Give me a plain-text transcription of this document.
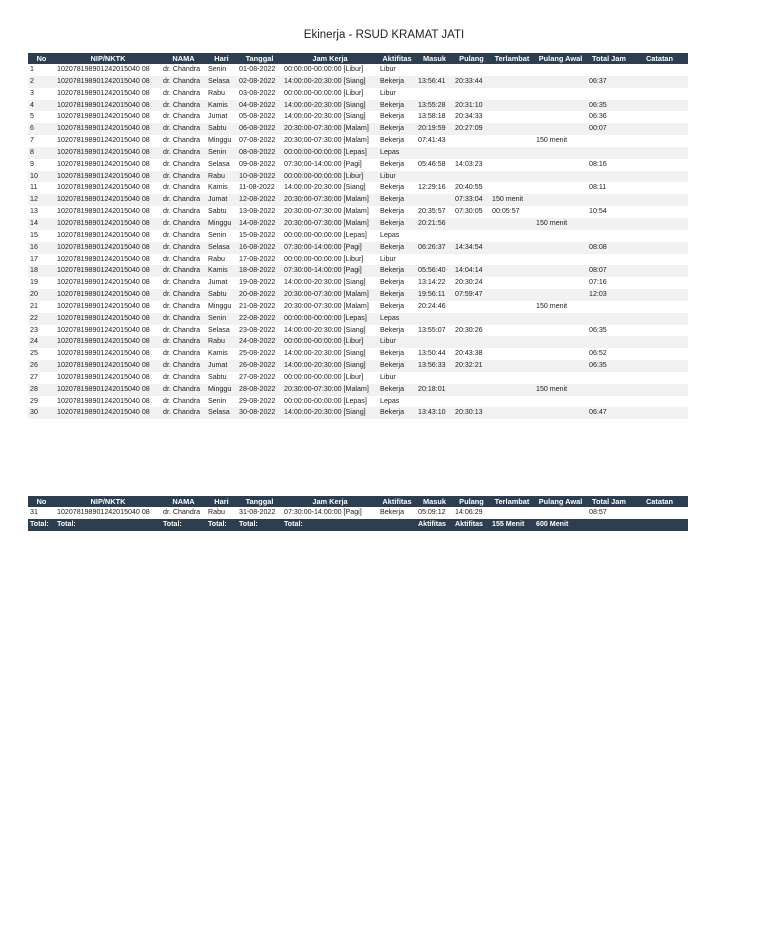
Ekinerja - RSUD KRAMAT JATI
No	NIP/NKTK	NAMA	Hari	Tanggal	Jam Kerja	Aktifitas	Masuk	Pulang	Terlambat	Pulang Awal	Total Jam	Catatan
1	102078198901242015040 08	dr. Chandra	Senin	01-08-2022	00:00:00-00:00:00 [Libur]	Libur						
2	102078198901242015040 08	dr. Chandra	Selasa	02-08-2022	14:00:00-20:30:00 [Siang]	Bekerja	13:56:41	20:33:44			06:37	
3	102078198901242015040 08	dr. Chandra	Rabu	03-08-2022	00:00:00-00:00:00 [Libur]	Libur						
4	102078198901242015040 08	dr. Chandra	Kamis	04-08-2022	14:00:00-20:30:00 [Siang]	Bekerja	13:55:28	20:31:10			06:35	
5	102078198901242015040 08	dr. Chandra	Jumat	05-08-2022	14:00:00-20:30:00 [Siang]	Bekerja	13:58:18	20:34:33			06:36	
6	102078198901242015040 08	dr. Chandra	Sabtu	06-08-2022	20:30:00-07:30:00 [Malam]	Bekerja	20:19:59	20:27:09			00:07	
7	102078198901242015040 08	dr. Chandra	Minggu	07-08-2022	20:30:00-07:30:00 [Malam]	Bekerja	07:41:43			150 menit		
8	102078198901242015040 08	dr. Chandra	Senin	08-08-2022	00:00:00-00:00:00 [Lepas]	Lepas						
9	102078198901242015040 08	dr. Chandra	Selasa	09-08-2022	07:30:00-14:00:00 [Pagi]	Bekerja	05:46:58	14:03:23			08:16	
10	102078198901242015040 08	dr. Chandra	Rabu	10-08-2022	00:00:00-00:00:00 [Libur]	Libur						
11	102078198901242015040 08	dr. Chandra	Kamis	11-08-2022	14:00:00-20:30:00 [Siang]	Bekerja	12:29:16	20:40:55			08:11	
12	102078198901242015040 08	dr. Chandra	Jumat	12-08-2022	20:30:00-07:30:00 [Malam]	Bekerja		07:33:04	150 menit			
13	102078198901242015040 08	dr. Chandra	Sabtu	13-08-2022	20:30:00-07:30:00 [Malam]	Bekerja	20:35:57	07:30:05	00:05:57		10:54	
14	102078198901242015040 08	dr. Chandra	Minggu	14-08-2022	20:30:00-07:30:00 [Malam]	Bekerja	20:21:56			150 menit		
15	102078198901242015040 08	dr. Chandra	Senin	15-08-2022	00:00:00-00:00:00 [Lepas]	Lepas						
16	102078198901242015040 08	dr. Chandra	Selasa	16-08-2022	07:30:00-14:00:00 [Pagi]	Bekerja	06:26:37	14:34:54			08:08	
17	102078198901242015040 08	dr. Chandra	Rabu	17-08-2022	00:00:00-00:00:00 [Libur]	Libur						
18	102078198901242015040 08	dr. Chandra	Kamis	18-08-2022	07:30:00-14:00:00 [Pagi]	Bekerja	05:56:40	14:04:14			08:07	
19	102078198901242015040 08	dr. Chandra	Jumat	19-08-2022	14:00:00-20:30:00 [Siang]	Bekerja	13:14:22	20:30:24			07:16	
20	102078198901242015040 08	dr. Chandra	Sabtu	20-08-2022	20:30:00-07:30:00 [Malam]	Bekerja	19:56:11	07:59:47			12:03	
21	102078198901242015040 08	dr. Chandra	Minggu	21-08-2022	20:30:00-07:30:00 [Malam]	Bekerja	20:24:46			150 menit		
22	102078198901242015040 08	dr. Chandra	Senin	22-08-2022	00:00:00-00:00:00 [Lepas]	Lepas						
23	102078198901242015040 08	dr. Chandra	Selasa	23-08-2022	14:00:00-20:30:00 [Siang]	Bekerja	13:55:07	20:30:26			06:35	
24	102078198901242015040 08	dr. Chandra	Rabu	24-08-2022	00:00:00-00:00:00 [Libur]	Libur						
25	102078198901242015040 08	dr. Chandra	Kamis	25-08-2022	14:00:00-20:30:00 [Siang]	Bekerja	13:50:44	20:43:38			06:52	
26	102078198901242015040 08	dr. Chandra	Jumat	26-08-2022	14:00:00-20:30:00 [Siang]	Bekerja	13:56:33	20:32:21			06:35	
27	102078198901242015040 08	dr. Chandra	Sabtu	27-08-2022	00:00:00-00:00:00 [Libur]	Libur						
28	102078198901242015040 08	dr. Chandra	Minggu	28-08-2022	20:30:00-07:30:00 [Malam]	Bekerja	20:18:01			150 menit		
29	102078198901242015040 08	dr. Chandra	Senin	29-08-2022	00:00:00-00:00:00 [Lepas]	Lepas						
30	102078198901242015040 08	dr. Chandra	Selasa	30-08-2022	14:00:00-20:30:00 [Siang]	Bekerja	13:43:10	20:30:13			06:47	
No	NIP/NKTK	NAMA	Hari	Tanggal	Jam Kerja	Aktifitas	Masuk	Pulang	Terlambat	Pulang Awal	Total Jam	Catatan
31	102078198901242015040 08	dr. Chandra	Rabu	31-08-2022	07:30:00-14:00:00 [Pagi]	Bekerja	05:09:12	14:06:29			08:57	
Total:	Total:	Total:	Total:	Total:	Total:		Aktifitas	Aktifitas	155 Menit	600 Menit		
